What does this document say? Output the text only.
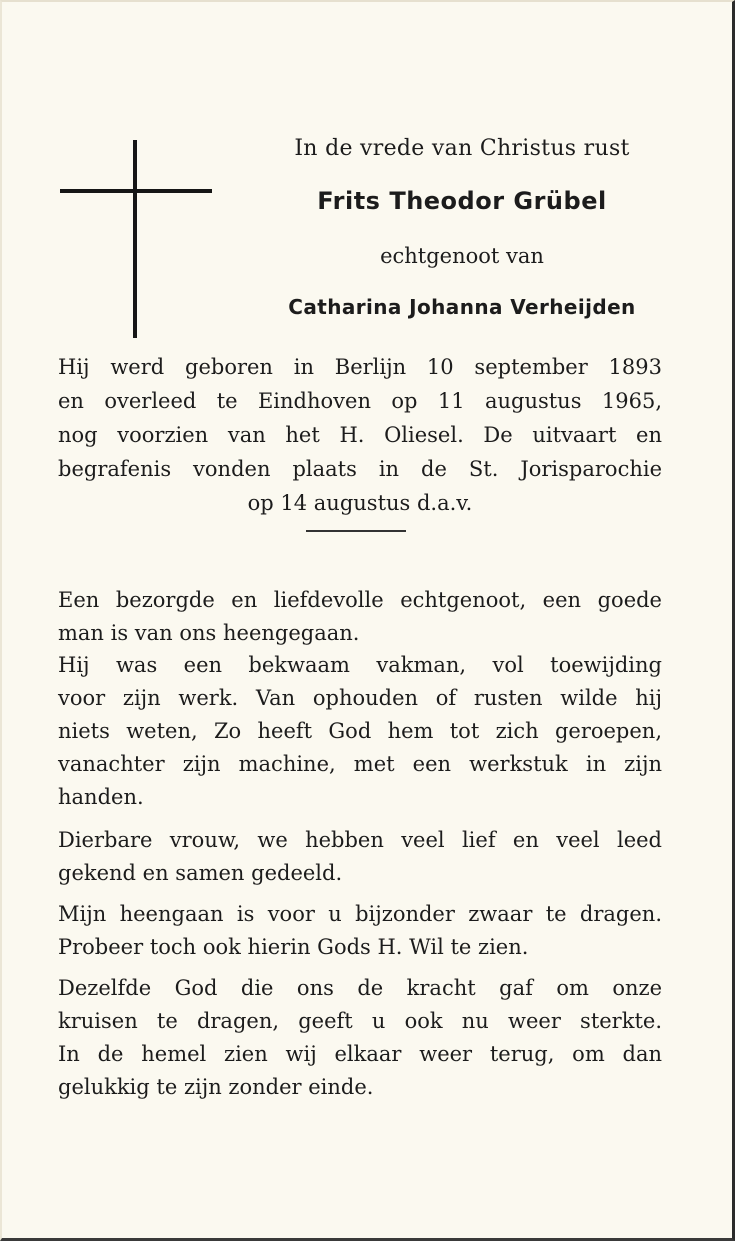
In de vrede van Christus rust
Frits Theodor Grübel
echtgenoot van
Catharina Johanna Verheijden
Hij werd geboren in Berlijn 10 september 1893
en overleed te Eindhoven op 11 augustus 1965,
nog voorzien van het H. Oliesel. De uitvaart en
begrafenis vonden plaats in de St. Jorisparochie
op 14 augustus d.a.v.
Een bezorgde en liefdevolle echtgenoot, een goede
man is van ons heengegaan.
Hij was een bekwaam vakman, vol toewijding
voor zijn werk. Van ophouden of rusten wilde hij
niets weten, Zo heeft God hem tot zich geroepen,
vanachter zijn machine, met een werkstuk in zijn
handen.
Dierbare vrouw, we hebben veel lief en veel leed
gekend en samen gedeeld.
Mijn heengaan is voor u bijzonder zwaar te dragen.
Probeer toch ook hierin Gods H. Wil te zien.
Dezelfde God die ons de kracht gaf om onze
kruisen te dragen, geeft u ook nu weer sterkte.
In de hemel zien wij elkaar weer terug, om dan
gelukkig te zijn zonder einde.
